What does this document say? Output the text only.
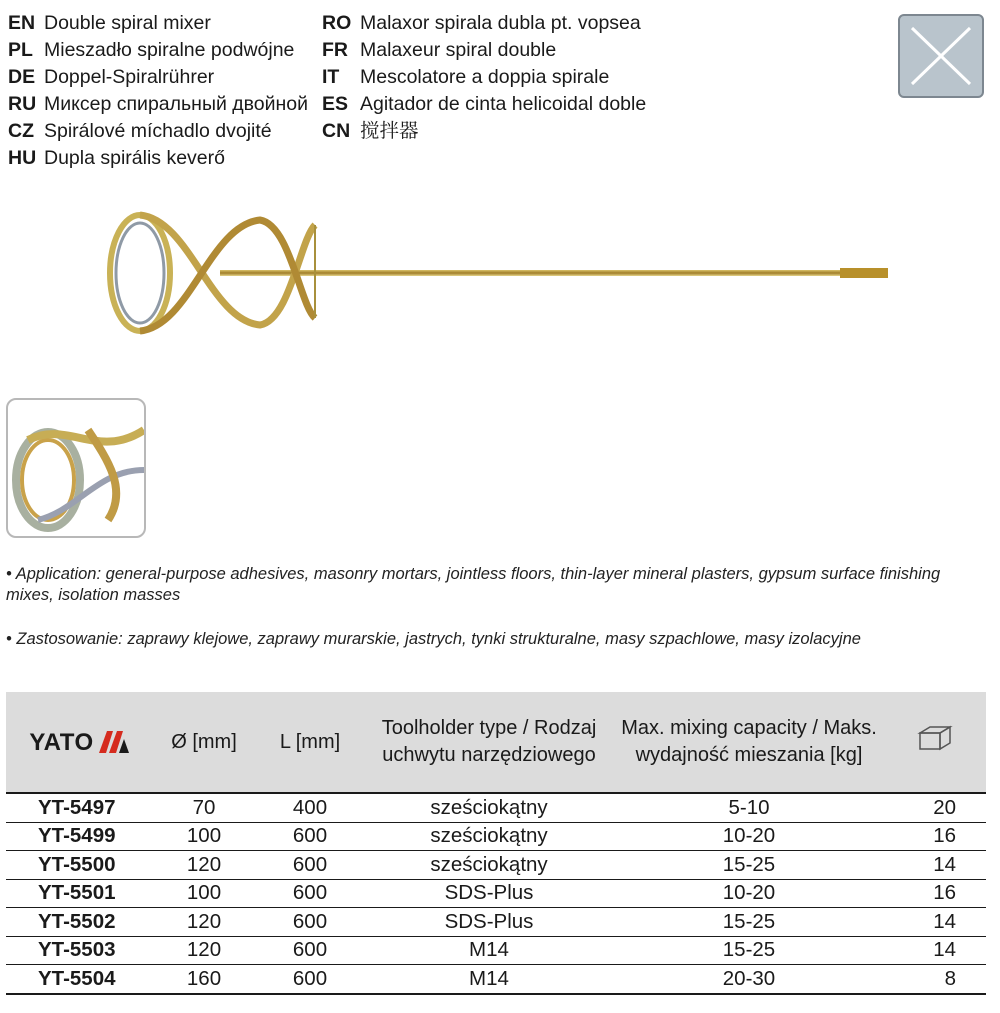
EN Double spiral mixer
PL Mieszadło spiralne podwójne
DE Doppel-Spiralrührer
RU Миксер спиральный двойной
CZ Spirálové míchadlo dvojité
HU Dupla spirális keverő
RO Malaxor spirala dubla pt. vopsea
FR Malaxeur spiral double
IT Mescolatore a doppia spirale
ES Agitador de cinta helicoidal doble
CN 搅拌器
• Application: general-purpose adhesives, masonry mortars, jointless floors, thin-layer mineral plasters, gypsum surface finishing mixes, isolation masses
• Zastosowanie: zaprawy klejowe, zaprawy murarskie, jastrych, tynki strukturalne, masy szpachlowe, masy izolacyjne
YATO	Ø [mm]	L [mm]	Toolholder type / Rodzaj uchwytu narzędziowego	Max. mixing capacity / Maks. wydajność mieszania [kg]	
YT-5497	70	400	sześciokątny	5-10	20
YT-5499	100	600	sześciokątny	10-20	16
YT-5500	120	600	sześciokątny	15-25	14
YT-5501	100	600	SDS-Plus	10-20	16
YT-5502	120	600	SDS-Plus	15-25	14
YT-5503	120	600	M14	15-25	14
YT-5504	160	600	M14	20-30	8
